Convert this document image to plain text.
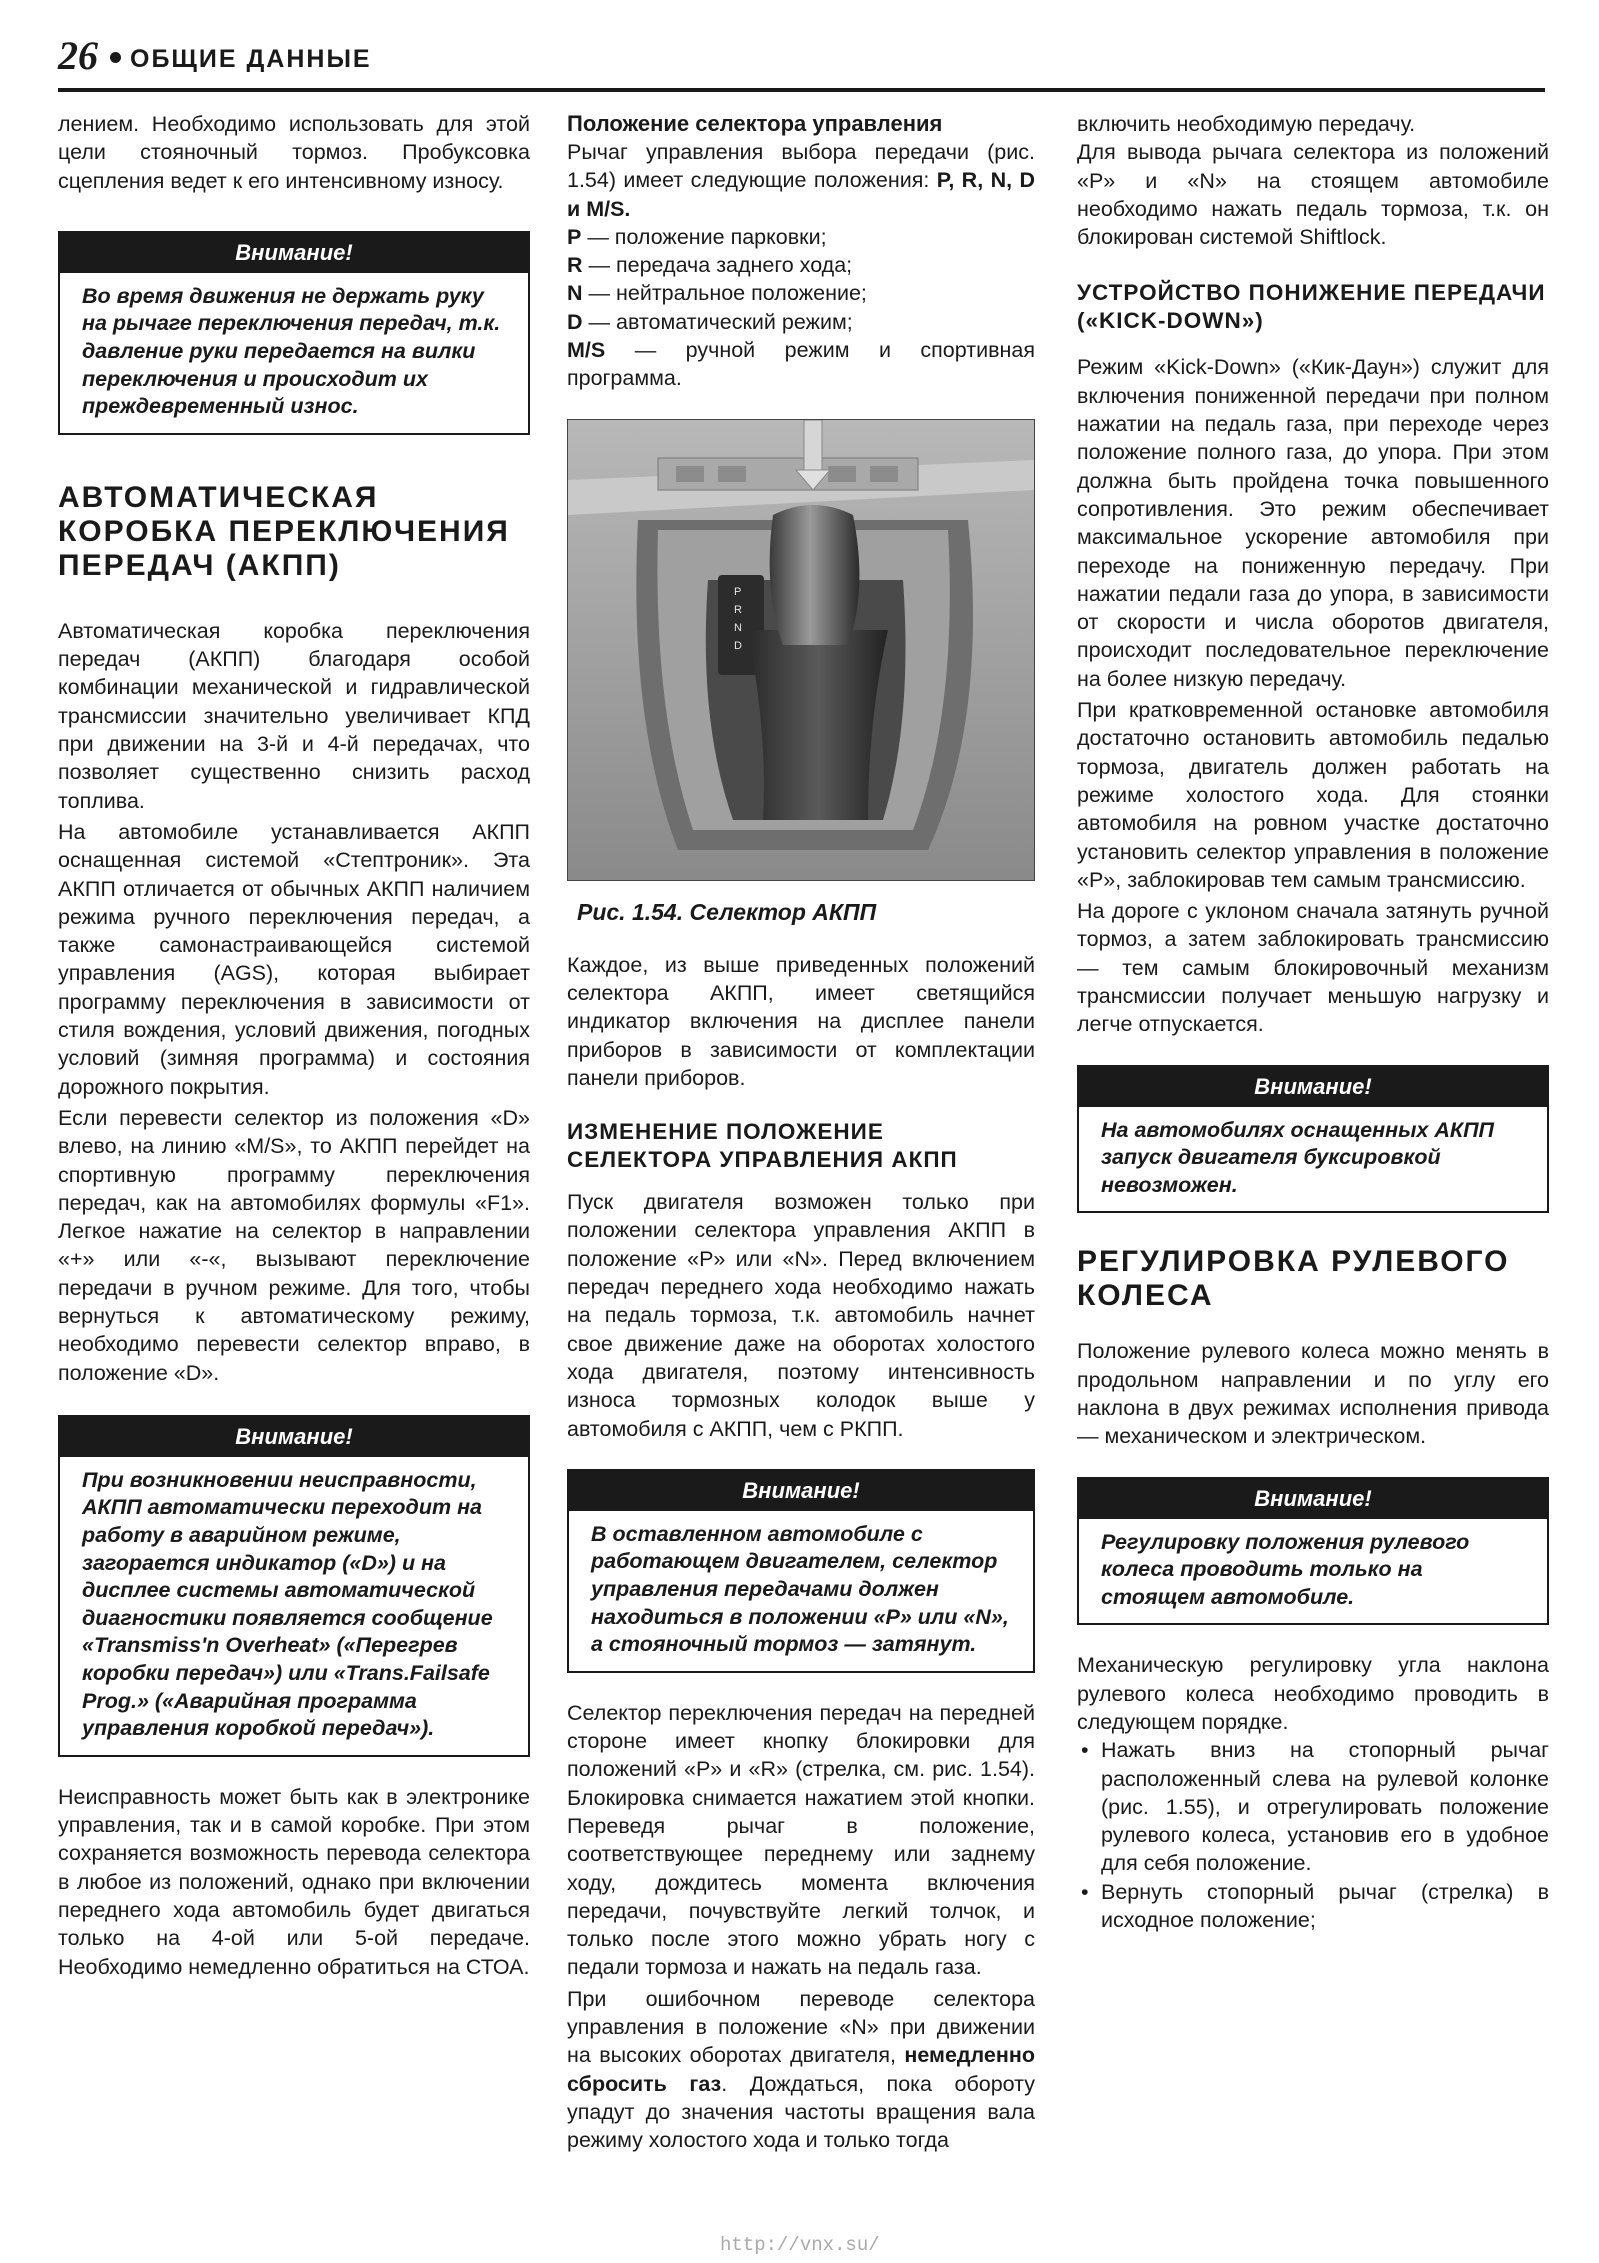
26 ОБЩИЕ ДАННЫЕ

лением. Необходимо использовать для этой цели стояночный тормоз. Пробуксовка сцепления ведет к его интенсивному износу.

Внимание!
Во время движения не держать руку на рычаге переключения передач, т.к. давление руки передается на вилки переключения и происходит их преждевременный износ.
АВТОМАТИЧЕСКАЯ КОРОБКА ПЕРЕКЛЮЧЕНИЯ ПЕРЕДАЧ (АКПП)

Автоматическая коробка переключения передач (АКПП) благодаря особой комбинации механической и гидравлической трансмиссии значительно увеличивает КПД при движении на 3-й и 4-й передачах, что позволяет существенно снизить расход топлива.

На автомобиле устанавливается АКПП оснащенная системой «Стептроник». Эта АКПП отличается от обычных АКПП наличием режима ручного переключения передач, а также самонастраивающейся системой управления (AGS), которая выбирает программу переключения в зависимости от стиля вождения, условий движения, погодных условий (зимняя программа) и состояния дорожного покрытия.

Если перевести селектор из положения «D» влево, на линию «M/S», то АКПП перейдет на спортивную программу переключения передач, как на автомобилях формулы «F1». Легкое нажатие на селектор в направлении «+» или «-«, вызывают переключение передачи в ручном режиме. Для того, чтобы вернуться к автоматическому режиму, необходимо перевести селектор вправо, в положение «D».

Внимание!
При возникновении неисправности, АКПП автоматически переходит на работу в аварийном режиме, загорается индикатор («D») и на дисплее системы автоматической диагностики появляется сообщение «Transmiss'n Overheat» («Перегрев коробки передач») или «Trans.Failsafe Prog.» («Аварийная программа управления коробкой передач»).

Неисправность может быть как в электронике управления, так и в самой коробке. При этом сохраняется возможность перевода селектора в любое из положений, однако при включении переднего хода автомобиль будет двигаться только на 4-ой или 5-ой передаче. Необходимо немедленно обратиться на СТОА.

Положение селектора управления

Рычаг управления выбора передачи (рис. 1.54) имеет следующие положения: P, R, N, D и M/S.

P — положение парковки;

R — передача заднего хода;

N — нейтральное положение;

D — автоматический режим;

M/S — ручной режим и спортивная программа.

P
R
N
D
Рис. 1.54. Селектор АКПП

Каждое, из выше приведенных положений селектора АКПП, имеет светящийся индикатор включения на дисплее панели приборов в зависимости от комплектации панели приборов.

ИЗМЕНЕНИЕ ПОЛОЖЕНИЕ СЕЛЕКТОРА УПРАВЛЕНИЯ АКПП

Пуск двигателя возможен только при положении селектора управления АКПП в положение «P» или «N». Перед включением передач переднего хода необходимо нажать на педаль тормоза, т.к. автомобиль начнет свое движение даже на оборотах холостого хода двигателя, поэтому интенсивность износа тормозных колодок выше у автомобиля с АКПП, чем с РКПП.

Внимание!
В оставленном автомобиле с работающем двигателем, селектор управления передачами должен находиться в положении «P» или «N», а стояночный тормоз — затянут.

Селектор переключения передач на передней стороне имеет кнопку блокировки для положений «P» и «R» (стрелка, см. рис. 1.54). Блокировка снимается нажатием этой кнопки. Переведя рычаг в положение, соответствующее переднему или заднему ходу, дождитесь момента включения передачи, почувствуйте легкий толчок, и только после этого можно убрать ногу с педали тормоза и нажать на педаль газа.

При ошибочном переводе селектора управления в положение «N» при движении на высоких оборотах двигателя, немедленно сбросить газ. Дождаться, пока обороту упадут до значения частоты вращения вала режиму холостого хода и только тогда

включить необходимую передачу.

Для вывода рычага селектора из положений «P» и «N» на стоящем автомобиле необходимо нажать педаль тормоза, т.к. он блокирован системой Shiftlock.

УСТРОЙСТВО ПОНИЖЕНИЕ ПЕРЕДАЧИ («KICK-DOWN»)

Режим «Kick-Down» («Кик-Даун») служит для включения пониженной передачи при полном нажатии на педаль газа, при переходе через положение полного газа, до упора. При этом должна быть пройдена точка повышенного сопротивления. Это режим обеспечивает максимальное ускорение автомобиля при переходе на пониженную передачу. При нажатии педали газа до упора, в зависимости от скорости и числа оборотов двигателя, происходит последовательное переключение на более низкую передачу.

При кратковременной остановке автомобиля достаточно остановить автомобиль педалью тормоза, двигатель должен работать на режиме холостого хода. Для стоянки автомобиля на ровном участке достаточно установить селектор управления в положение «P», заблокировав тем самым трансмиссию.

На дороге с уклоном сначала затянуть ручной тормоз, а затем заблокировать трансмиссию — тем самым блокировочный механизм трансмиссии получает меньшую нагрузку и легче отпускается.

Внимание!
На автомобилях оснащенных АКПП запуск двигателя буксировкой невозможен.
РЕГУЛИРОВКА РУЛЕВОГО КОЛЕСА

Положение рулевого колеса можно менять в продольном направлении и по углу его наклона в двух режимах исполнения привода — механическом и электрическом.

Внимание!
Регулировку положения рулевого колеса проводить только на стоящем автомобиле.

Механическую регулировку угла наклона рулевого колеса необходимо проводить в следующем порядке.

• Нажать вниз на стопорный рычаг расположенный слева на рулевой колонке (рис. 1.55), и отрегулировать положение рулевого колеса, установив его в удобное для себя положение.
• Вернуть стопорный рычаг (стрелка) в исходное положение;
http://vnx.su/
